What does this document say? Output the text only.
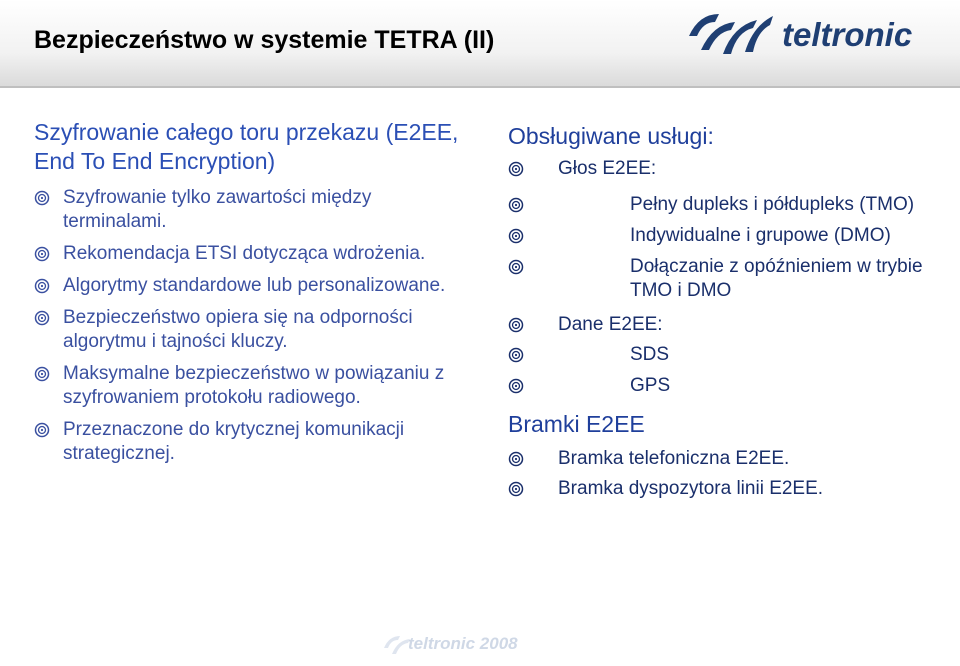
Bezpieczeństwo w systemie TETRA (II)	teltronic

Szyfrowanie całego toru przekazu (E2EE, End To End Encryption)

Szyfrowanie tylko zawartości między terminalami.
Rekomendacja ETSI dotycząca wdrożenia.
Algorytmy standardowe lub personalizowane.
Bezpieczeństwo opiera się na odporności algorytmu i tajności kluczy.
Maksymalne bezpieczeństwo w powiązaniu z szyfrowaniem protokołu radiowego.
Przeznaczone do krytycznej komunikacji strategicznej.

Obsługiwane usługi:

Głos E2EE:
Pełny dupleks i półdupleks (TMO)
Indywidualne i grupowe (DMO)
Dołączanie z opóźnieniem w trybie TMO i DMO
Dane E2EE:
SDS
GPS

Bramki E2EE

Bramka telefoniczna E2EE.
Bramka dyspozytora linii E2EE.
teltronic 2008
